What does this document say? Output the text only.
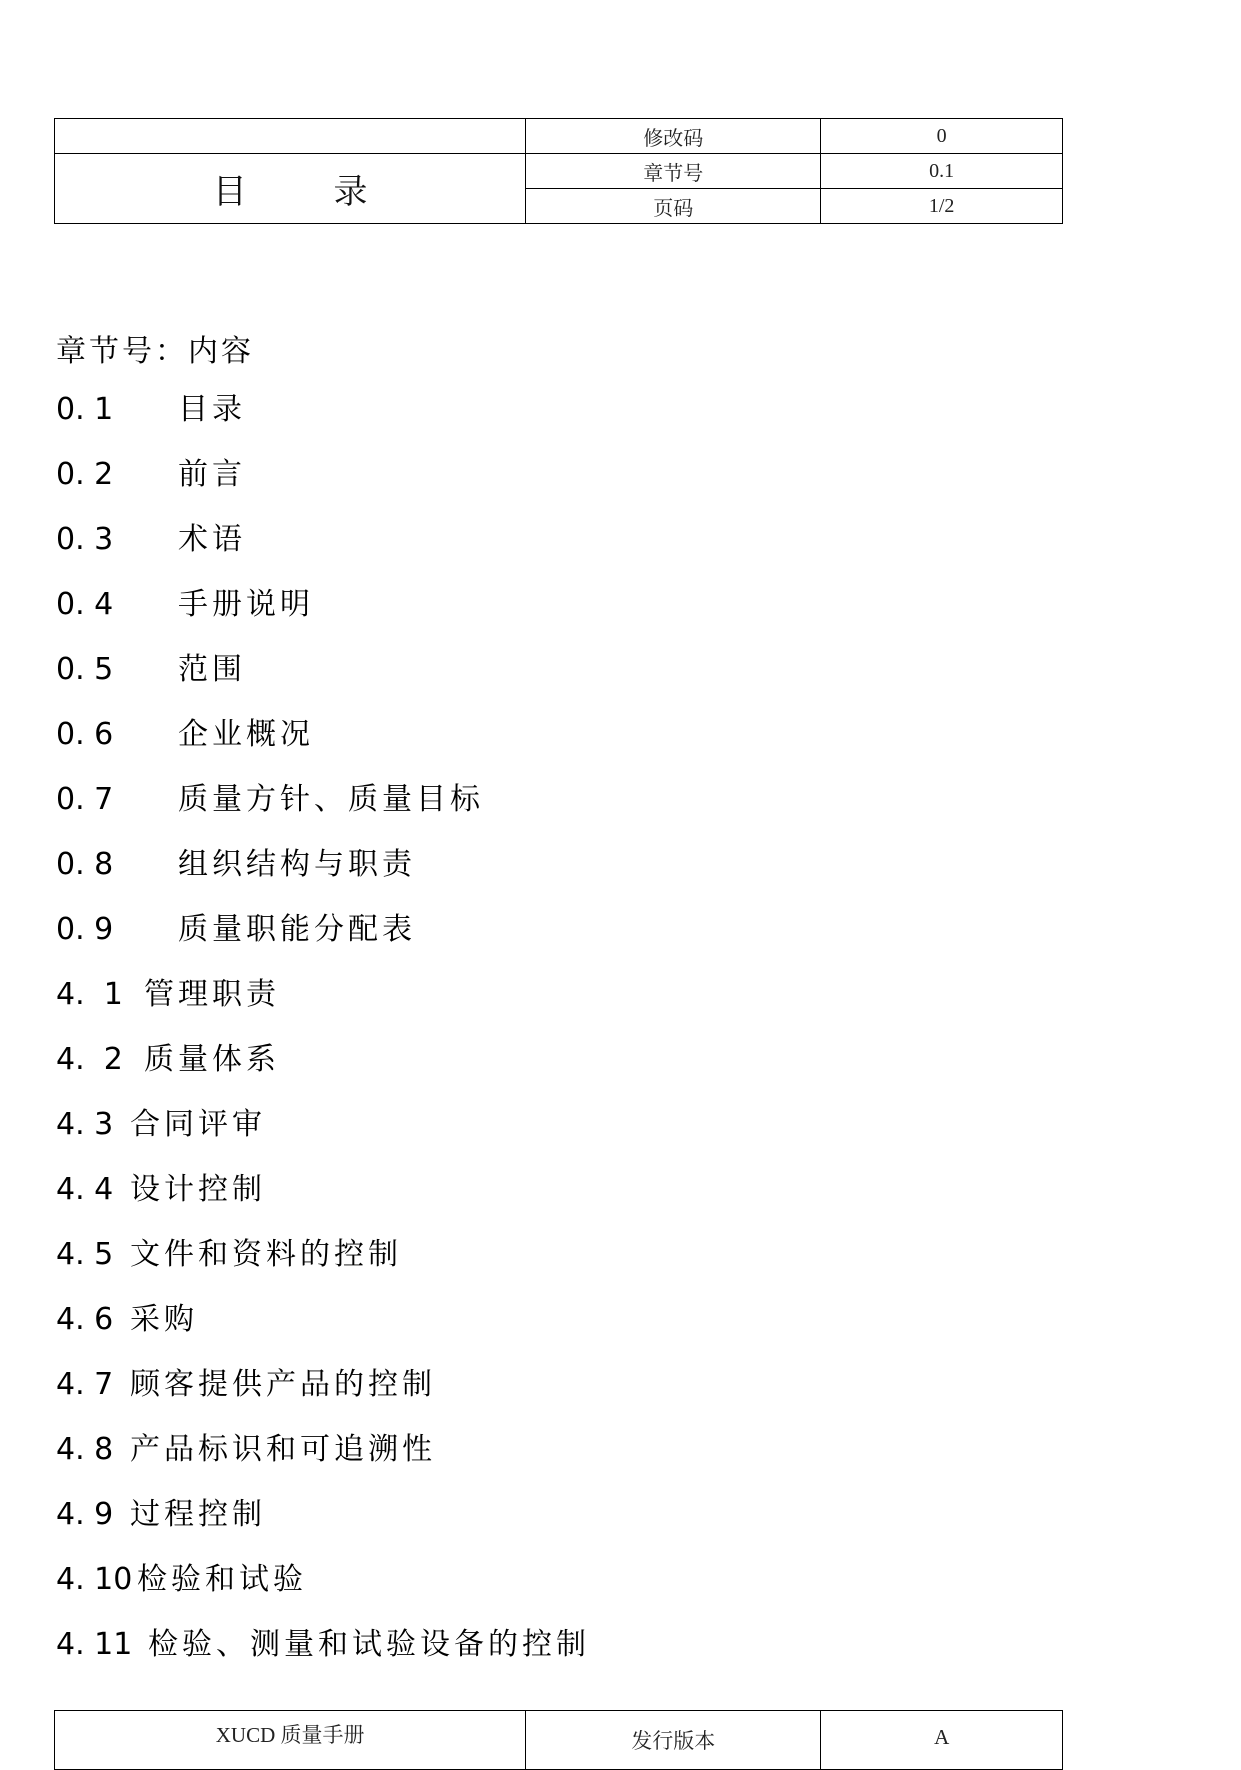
	修改码	0
目 录	章节号	0.1
	页码	1/2
章节号：内容
0. 1 目录
0. 2 前言
0. 3 术语
0. 4 手册说明
0. 5 范围
0. 6 企业概况
0. 7 质量方针、质量目标
0. 8 组织结构与职责
0. 9 质量职能分配表
4.  1 管理职责
4.  2 质量体系
4. 3 合同评审
4. 4 设计控制
4. 5 文件和资料的控制
4. 6 采购
4. 7 顾客提供产品的控制
4. 8 产品标识和可追溯性
4. 9 过程控制
4. 10 检验和试验
4. 11 检验、测量和试验设备的控制
XUCD 质量手册	发行版本	A
